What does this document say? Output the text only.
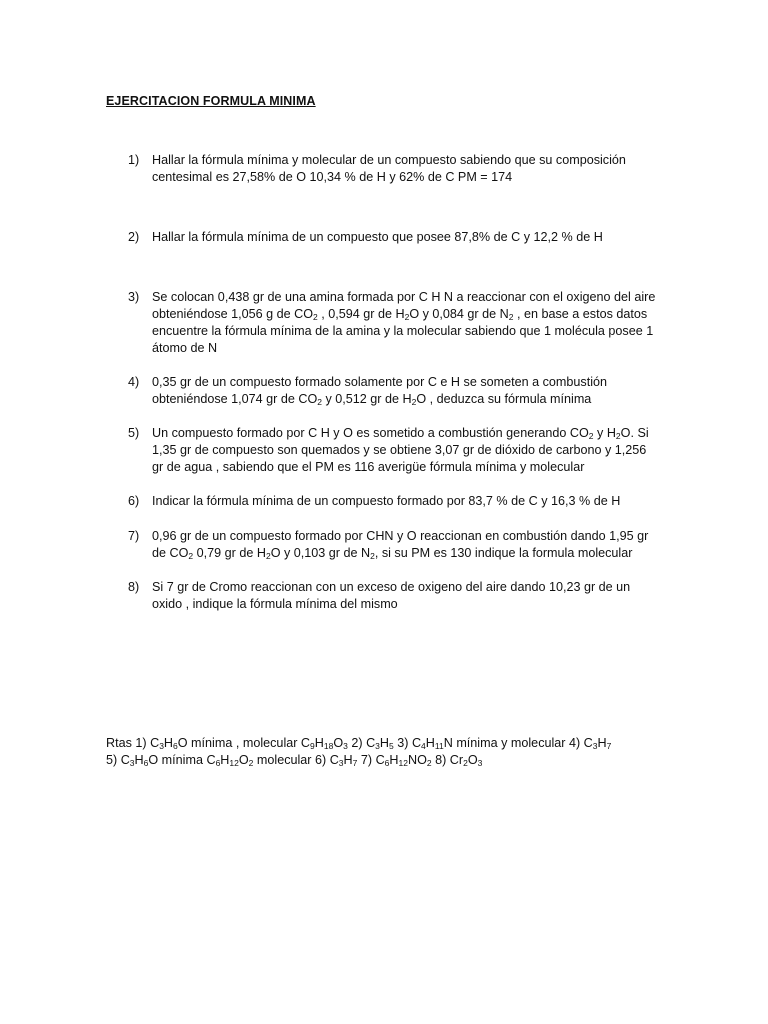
EJERCITACION FORMULA MINIMA
1)	Hallar la fórmula mínima y molecular de un compuesto sabiendo que su composición
centesimal es 27,58% de O 10,34 % de H y 62% de C PM = 174
2)	Hallar la fórmula mínima de un compuesto que posee 87,8% de C y 12,2 % de H
3)	Se colocan 0,438 gr de una amina formada por C H N a reaccionar con el oxigeno del aire
obteniéndose 1,056 g de $CO_2$ , 0,594 gr de $H_2O$ y 0,084 gr de $N_2$ , en base a estos datos
encuentre la fórmula mínima de la amina y la molecular sabiendo que 1 molécula posee 1
átomo de N
4)	0,35 gr de un compuesto formado solamente por C e H se someten a combustión
obteniéndose 1,074 gr de $CO_2$ y 0,512 gr de $H_2O$ , deduzca su fórmula mínima
5)	Un compuesto formado por C H y O es sometido a combustión generando $CO_2$ y $H_2O$. Si
1,35 gr de compuesto son quemados y se obtiene 3,07 gr de dióxido de carbono y 1,256
gr de agua , sabiendo que el PM es 116 averigüe fórmula mínima y molecular
6)	Indicar la fórmula mínima de un compuesto formado por 83,7 % de C y 16,3 % de H
7)	0,96 gr de un compuesto formado por CHN y O reaccionan en combustión dando 1,95 gr
de $CO_2$ 0,79 gr de $H_2O$ y 0,103 gr de $N_2$, si su PM es 130 indique la formula molecular
8)	Si 7 gr de Cromo reaccionan con un exceso de oxigeno del aire dando 10,23 gr de un
oxido , indique la fórmula mínima del mismo
Rtas 1) $C_3H_6O$ mínima , molecular $C_9H_{18}O_3$ 2) $C_3H_5$ 3) $C_4H_{11}N$ mínima y molecular 4) $C_3H_7$
5) $C_3H_6O$ mínima $C_6H_{12}O_2$ molecular 6) $C_3H_7$ 7) $C_6H_{12}NO_2$ 8) $Cr_2O_3$
